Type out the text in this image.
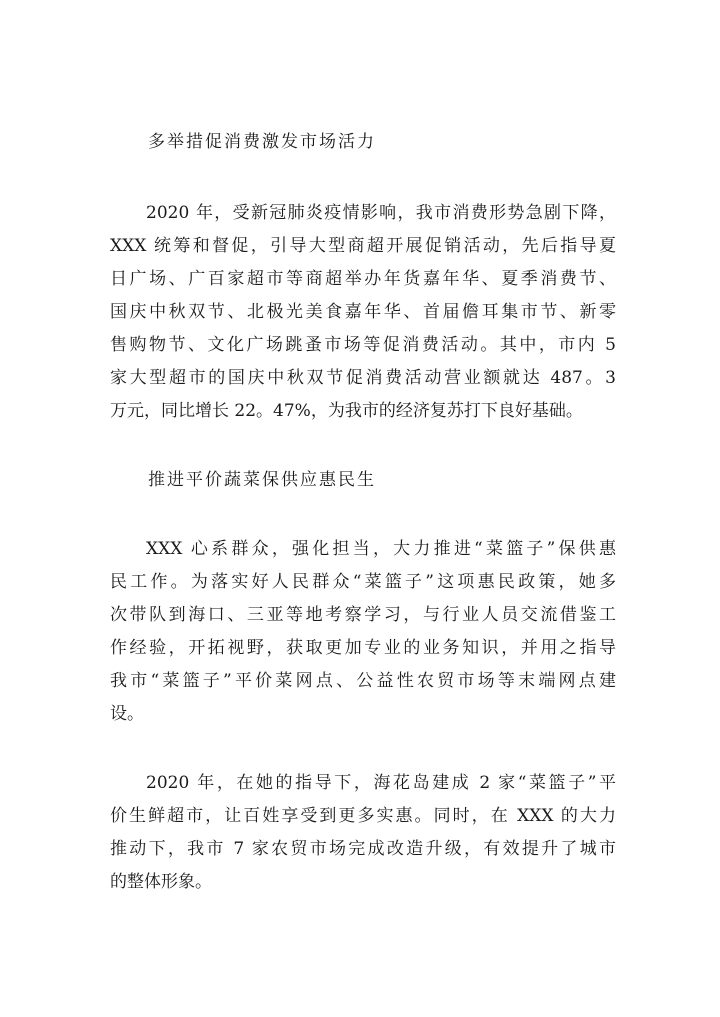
多举措促消费激发市场活力
2020 年，受新冠肺炎疫情影响，我市消费形势急剧下降，
XXX 统筹和督促，引导大型商超开展促销活动，先后指导夏
日广场、广百家超市等商超举办年货嘉年华、夏季消费节、
国庆中秋双节、北极光美食嘉年华、首届儋耳集市节、新零
售购物节、文化广场跳蚤市场等促消费活动。其中，市内 5
家大型超市的国庆中秋双节促消费活动营业额就达 487。3
万元，同比增长 22。47%，为我市的经济复苏打下良好基础。
推进平价蔬菜保供应惠民生
XXX 心系群众，强化担当，大力推进“菜篮子”保供惠
民工作。为落实好人民群众“菜篮子”这项惠民政策，她多
次带队到海口、三亚等地考察学习，与行业人员交流借鉴工
作经验，开拓视野，获取更加专业的业务知识，并用之指导
我市“菜篮子”平价菜网点、公益性农贸市场等末端网点建
设。
2020 年，在她的指导下，海花岛建成 2 家“菜篮子”平
价生鲜超市，让百姓享受到更多实惠。同时，在 XXX 的大力
推动下，我市 7 家农贸市场完成改造升级，有效提升了城市
的整体形象。
